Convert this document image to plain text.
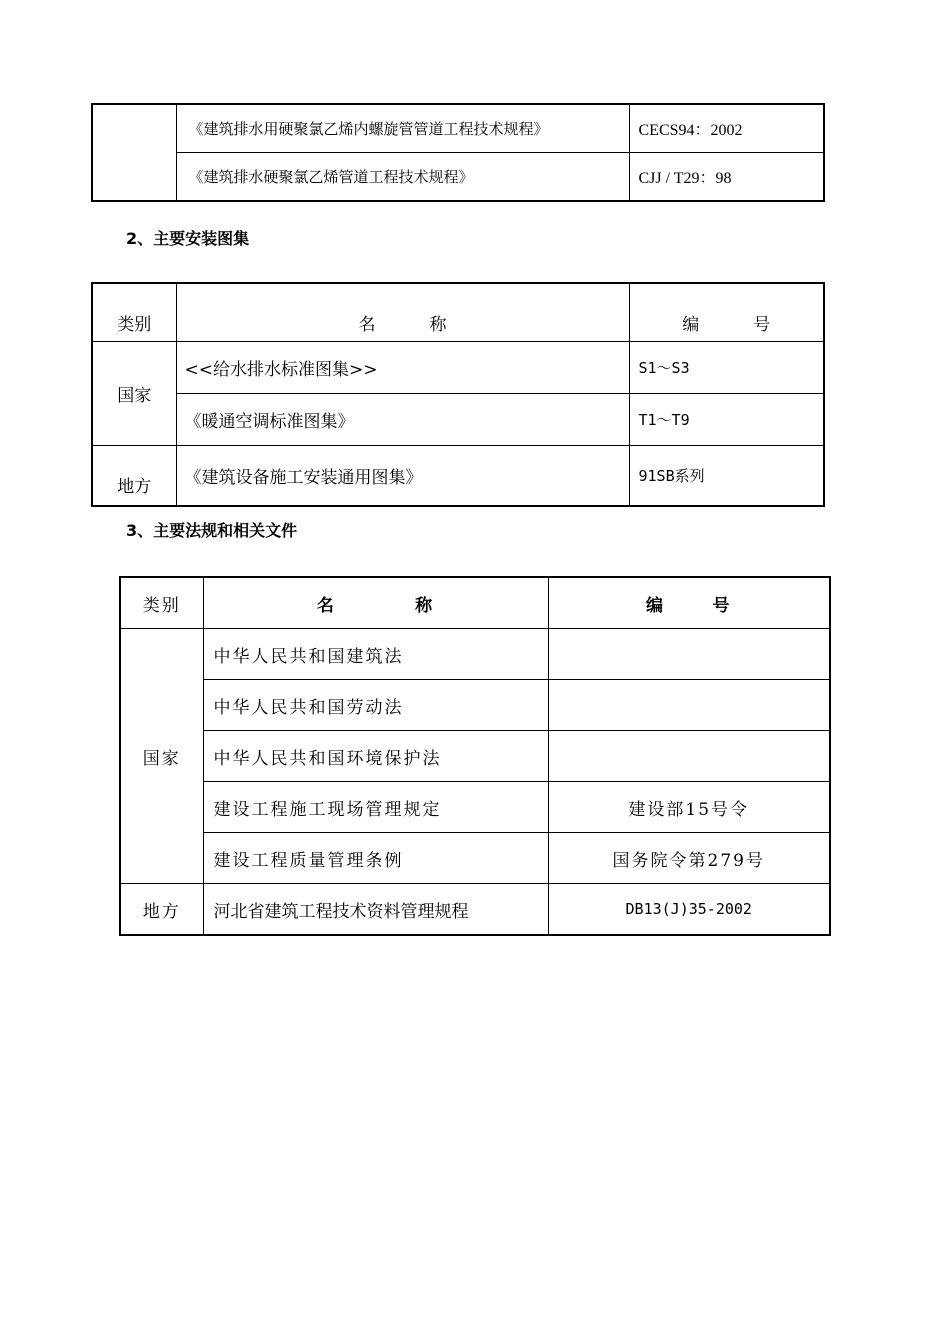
	《建筑排水用硬聚氯乙烯内螺旋管管道工程技术规程》	CECS94：2002
	《建筑排水硬聚氯乙烯管道工程技术规程》	CJJ / T29：98
2、主要安装图集
类别	名          称	编          号
国家	<<给水排水标准图集>>	S1～S3
	《暖通空调标准图集》	T1～T9
地方	《建筑设备施工安装通用图集》	91SB系列
3、主要法规和相关文件
类别	名          称	编      号
国家	中华人民共和国建筑法	
	中华人民共和国劳动法	
	中华人民共和国环境保护法	
	建设工程施工现场管理规定	建设部15号令
	建设工程质量管理条例	国务院令第279号
地方	河北省建筑工程技术资料管理规程	DB13(J)35-2002
